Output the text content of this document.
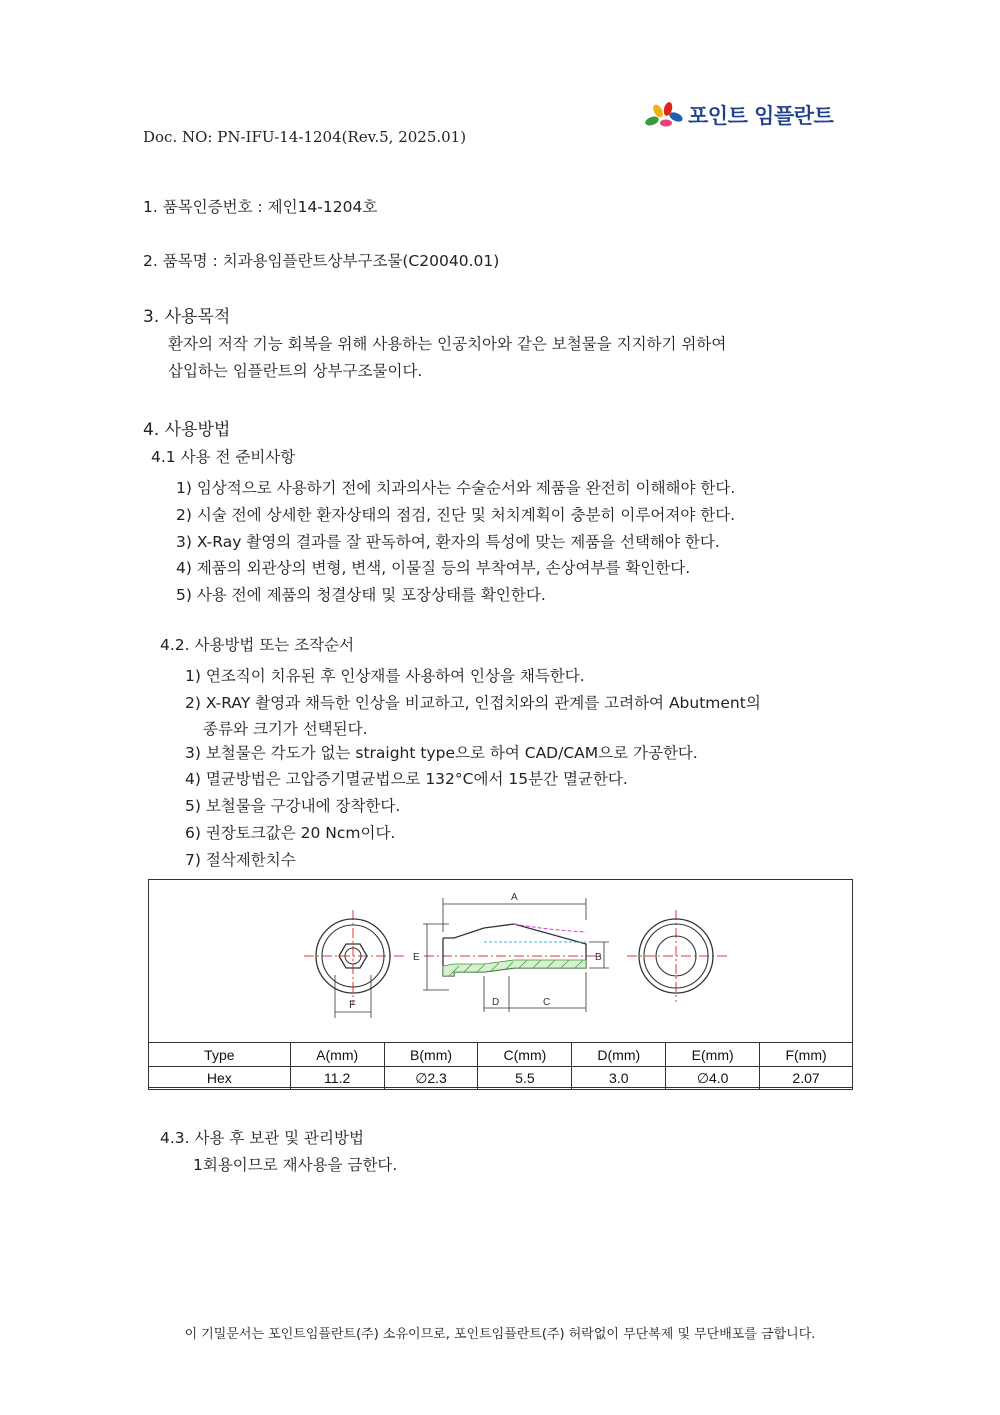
포인트 임플란트
Doc. NO: PN-IFU-14-1204(Rev.5, 2025.01)
1. 품목인증번호 : 제인14-1204호
2. 품목명 : 치과용임플란트상부구조물(C20040.01)
3. 사용목적
환자의 저작 기능 회복을 위해 사용하는 인공치아와 같은 보철물을 지지하기 위하여
삽입하는 임플란트의 상부구조물이다.
4. 사용방법
4.1 사용 전 준비사항
1) 임상적으로 사용하기 전에 치과의사는 수술순서와 제품을 완전히 이해해야 한다.
2) 시술 전에 상세한 환자상태의 점검, 진단 및 처치계획이 충분히 이루어져야 한다.
3) X-Ray 촬영의 결과를 잘 판독하여, 환자의 특성에 맞는 제품을 선택해야 한다.
4) 제품의 외관상의 변형, 변색, 이물질 등의 부착여부, 손상여부를 확인한다.
5) 사용 전에 제품의 청결상태 및 포장상태를 확인한다.
4.2. 사용방법 또는 조작순서
1) 연조직이 치유된 후 인상재를 사용하여 인상을 채득한다.
2) X-RAY 촬영과 채득한 인상을 비교하고, 인접치와의 관계를 고려하여 Abutment의
종류와 크기가 선택된다.
3) 보철물은 각도가 없는 straight type으로 하여 CAD/CAM으로 가공한다.
4) 멸균방법은 고압증기멸균법으로 132°C에서 15분간 멸균한다.
5) 보철물을 구강내에 장착한다.
6) 권장토크값은 20 Ncm이다.
7) 절삭제한치수
F
A
E	B
D	C
Type	A(mm)	B(mm)	C(mm)	D(mm)	E(mm)	F(mm)
Hex	11.2	∅2.3	5.5	3.0	∅4.0	2.07
4.3. 사용 후 보관 및 관리방법
1회용이므로 재사용을 금한다.
이 기밀문서는 포인트임플란트(주) 소유이므로, 포인트임플란트(주) 허락없이 무단복제 및 무단배포를 금합니다.
